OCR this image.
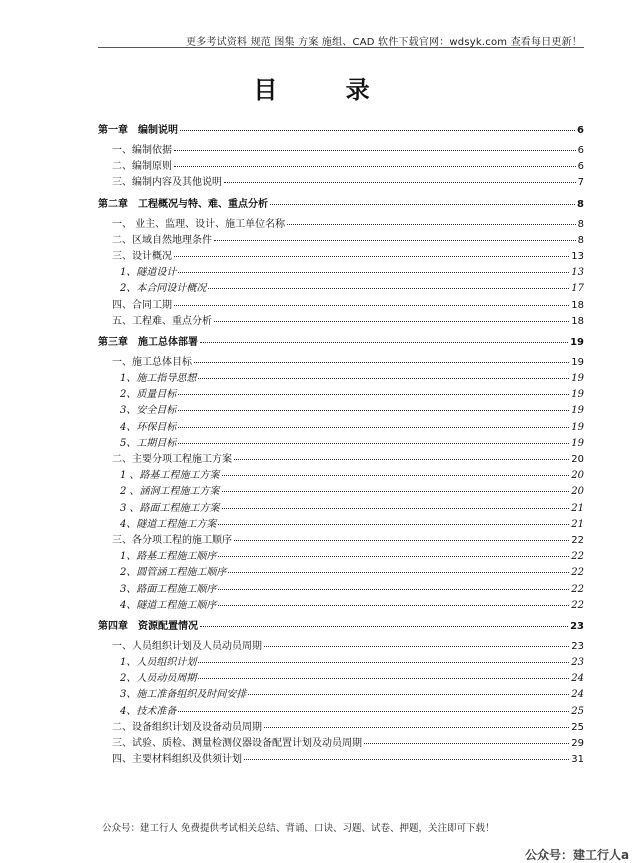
更多考试资料 规范 图集 方案 施组、CAD 软件下载官网：wdsyk.com 查看每日更新！
目 录
第一章　编制说明	6
一、编制依据	6
二、编制原则	6
三、编制内容及其他说明	7
第二章　工程概况与特、难、重点分析	8
一、 业主、监理、设计、施工单位名称	8
二、区域自然地理条件	8
三、设计概况	13
1、隧道设计	13
2、本合同设计概况	17
四、合同工期	18
五、工程难、重点分析	18
第三章　施工总体部署	19
一、施工总体目标	19
1、施工指导思想	19
2、质量目标	19
3、安全目标	19
4、环保目标	19
5、工期目标	19
二、主要分项工程施工方案	20
1 、路基工程施工方案	20
2 、涵洞工程施工方案	20
3 、路面工程施工方案	21
4、隧道工程施工方案	21
三、各分项工程的施工顺序	22
1、路基工程施工顺序	22
2、圆管涵工程施工顺序	22
3、路面工程施工顺序	22
4、隧道工程施工顺序	22
第四章　资源配置情况	23
一、人员组织计划及人员动员周期	23
1、人员组织计划	23
2、人员动员周期	24
3、施工准备组织及时间安排	24
4、技术准备	25
二、设备组织计划及设备动员周期	25
三、试验、质检、测量检测仪器设备配置计划及动员周期	29
四、主要材料组织及供须计划	31
公众号：建工行人 免费提供考试相关总结、背诵、口诀、习题、试卷、押题，关注即可下载！
公众号：建工行人a
